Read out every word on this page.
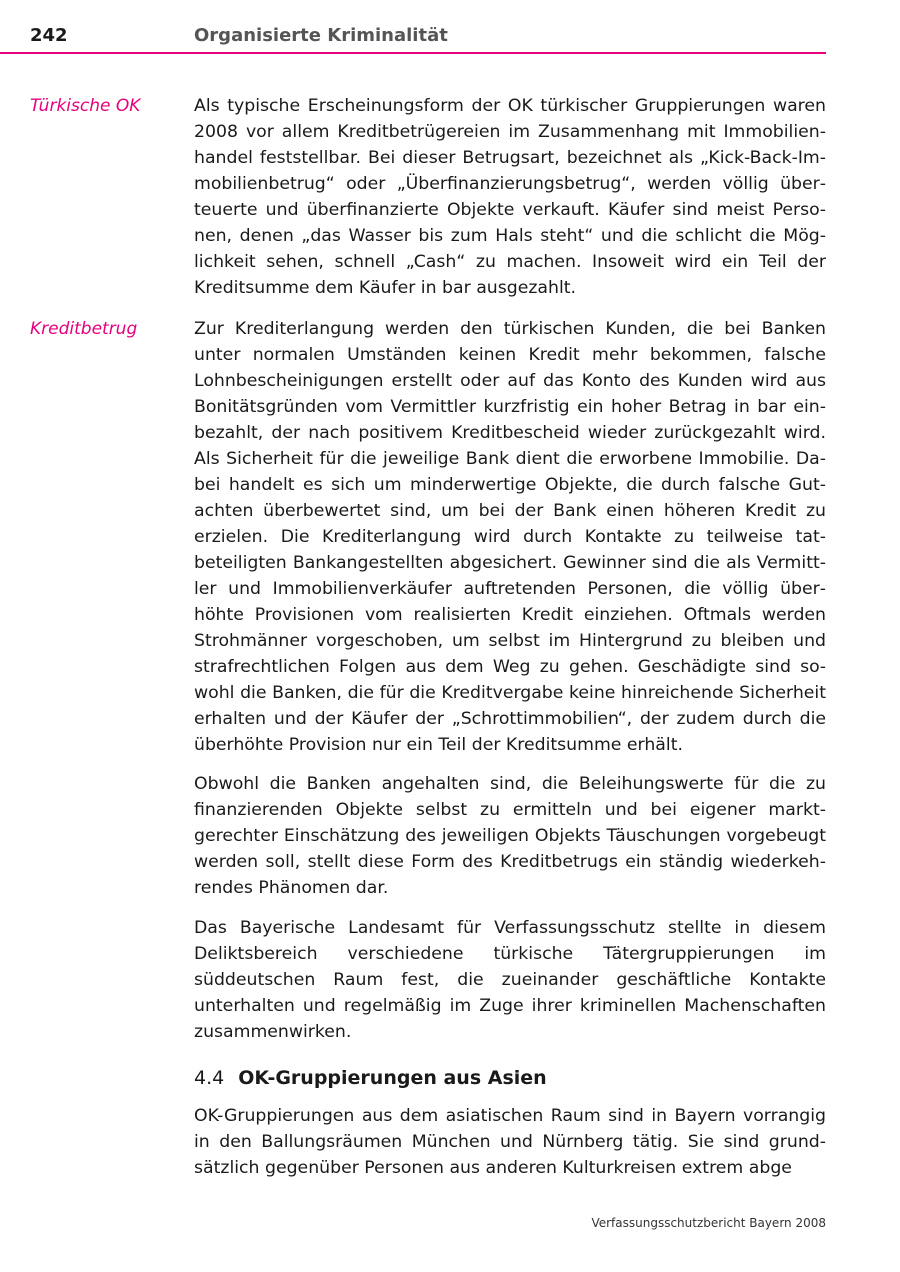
242	Organisierte Kriminalität
Türkische OK	Als typische Erscheinungsform der OK türkischer Gruppierungen waren 2008 vor allem Kreditbetrügereien im Zusammenhang mit Immobilienhandel feststellbar. Bei dieser Betrugsart, bezeichnet als „Kick-Back-Immobilienbetrug“ oder „Überfinanzierungsbetrug“, werden völlig überteuerte und überfinanzierte Objekte verkauft. Käufer sind meist Personen, denen „das Wasser bis zum Hals steht“ und die schlicht die Möglichkeit sehen, schnell „Cash“ zu machen. Insoweit wird ein Teil der Kreditsumme dem Käufer in bar ausgezahlt.

Kreditbetrug	Zur Krediterlangung werden den türkischen Kunden, die bei Banken unter normalen Umständen keinen Kredit mehr bekommen, falsche Lohnbescheinigungen erstellt oder auf das Konto des Kunden wird aus Bonitätsgründen vom Vermittler kurzfristig ein hoher Betrag in bar einbezahlt, der nach positivem Kreditbescheid wieder zurückgezahlt wird. Als Sicherheit für die jeweilige Bank dient die erworbene Immobilie. Dabei handelt es sich um minderwertige Objekte, die durch falsche Gutachten überbewertet sind, um bei der Bank einen höheren Kredit zu erzielen. Die Krediterlangung wird durch Kontakte zu teilweise tatbeteiligten Bankangestellten abgesichert. Gewinner sind die als Vermittler und Immobilienverkäufer auftretenden Personen, die völlig überhöhte Provisionen vom realisierten Kredit einziehen. Oftmals werden Strohmänner vorgeschoben, um selbst im Hintergrund zu bleiben und strafrechtlichen Folgen aus dem Weg zu gehen. Geschädigte sind sowohl die Banken, die für die Kreditvergabe keine hinreichende Sicherheit erhalten und der Käufer der „Schrottimmobilien“, der zudem durch die überhöhte Provision nur ein Teil der Kreditsumme erhält.

Obwohl die Banken angehalten sind, die Beleihungswerte für die zu finanzierenden Objekte selbst zu ermitteln und bei eigener marktgerechter Einschätzung des jeweiligen Objekts Täuschungen vorgebeugt werden soll, stellt diese Form des Kreditbetrugs ein ständig wiederkehrendes Phänomen dar.

Das Bayerische Landesamt für Verfassungsschutz stellte in diesem Deliktsbereich verschiedene türkische Tätergruppierungen im süddeutschen Raum fest, die zueinander geschäftliche Kontakte unterhalten und regelmäßig im Zuge ihrer kriminellen Machenschaften zusammenwirken.

4.4 OK-Gruppierungen aus Asien

OK-Gruppierungen aus dem asiatischen Raum sind in Bayern vorrangig in den Ballungsräumen München und Nürnberg tätig. Sie sind grundsätzlich gegenüber Personen aus anderen Kulturkreisen extrem abge

Verfassungsschutzbericht Bayern 2008
